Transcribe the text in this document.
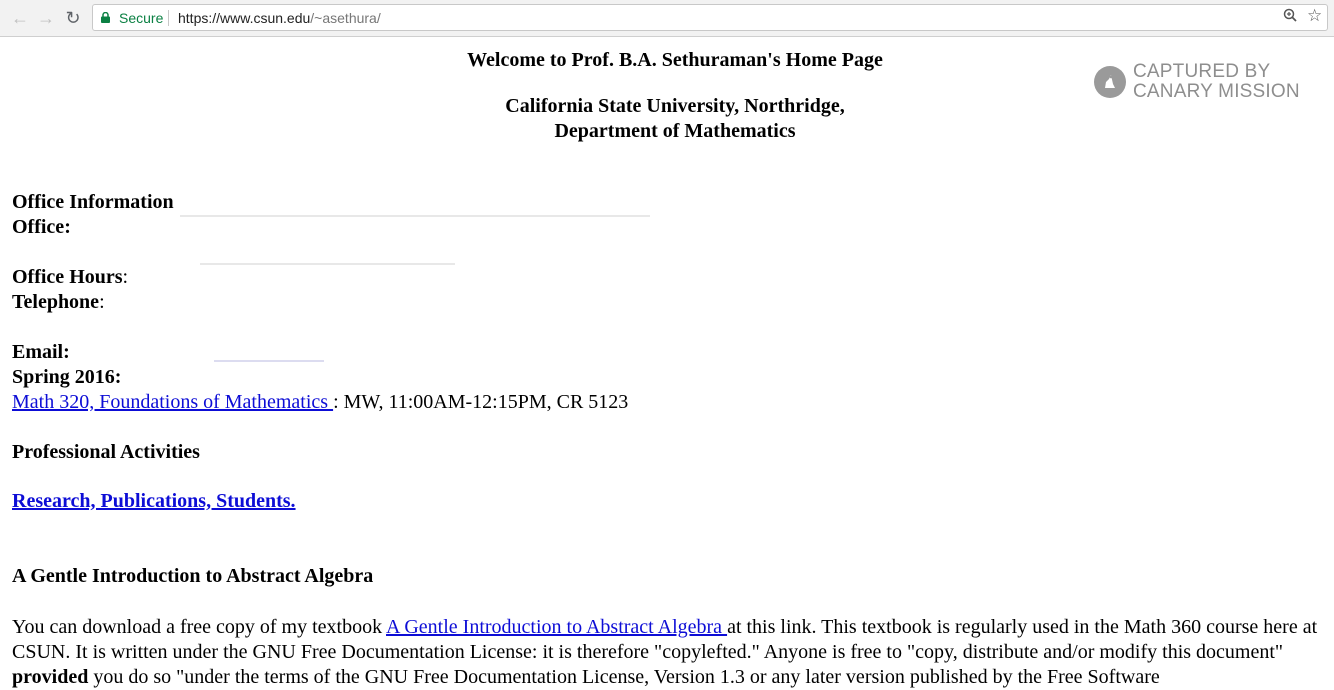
← → ↻	Secure https://www.csun.edu/~asethura/	☆
Welcome to Prof. B.A. Sethuraman's Home Page
California State University, Northridge,
Department of Mathematics
CAPTURED BY
CANARY MISSION
Office Information
Office:
Office Hours:
Telephone:
Email:
Spring 2016:
Math 320, Foundations of Mathematics : MW, 11:00AM-12:15PM, CR 5123
Professional Activities
Research, Publications, Students.
A Gentle Introduction to Abstract Algebra
You can download a free copy of my textbook A Gentle Introduction to Abstract Algebra at this link. This textbook is regularly used in the Math 360 course here at CSUN. It is written under the GNU Free Documentation License: it is therefore "copylefted." Anyone is free to "copy, distribute and/or modify this document" provided you do so "under the terms of the GNU Free Documentation License, Version 1.3 or any later version published by the Free Software
